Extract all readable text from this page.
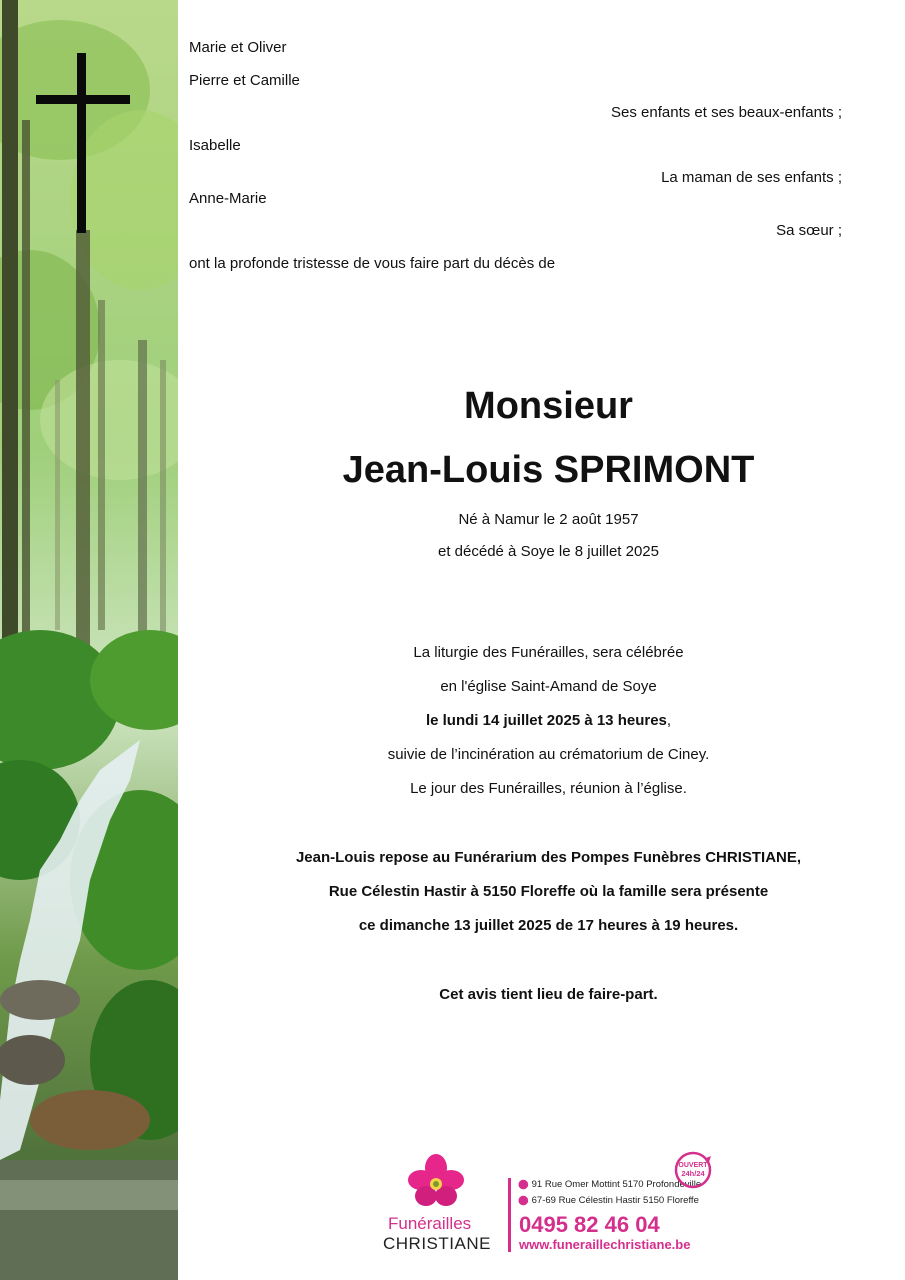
Marie et Oliver
Pierre et Camille
Ses enfants et ses beaux-enfants ;
Isabelle
La maman de ses enfants ;
Anne-Marie
Sa sœur ;
ont la profonde tristesse de vous faire part du décès de
Monsieur
Jean-Louis SPRIMONT
Né à Namur le 2 août 1957
et décédé à Soye le 8 juillet 2025
La liturgie des Funérailles, sera célébrée
en l'église Saint-Amand de Soye
le lundi 14 juillet 2025 à 13 heures,
suivie de l’incinération au crématorium de Ciney.
Le jour des Funérailles, réunion à l’église.
Jean-Louis repose au Funérarium des Pompes Funèbres CHRISTIANE,
Rue Célestin Hastir à 5150 Floreffe où la famille sera présente
ce dimanche 13 juillet 2025 de 17 heures à 19 heures.
Cet avis tient lieu de faire-part.
Funérailles
CHRISTIANE
⬤ 91 Rue Omer Mottint 5170 Profondeville
⬤ 67-69 Rue Célestin Hastir 5150 Floreffe
0495 82 46 04
www.funeraillechristiane.be
OUVERT
24h/24
